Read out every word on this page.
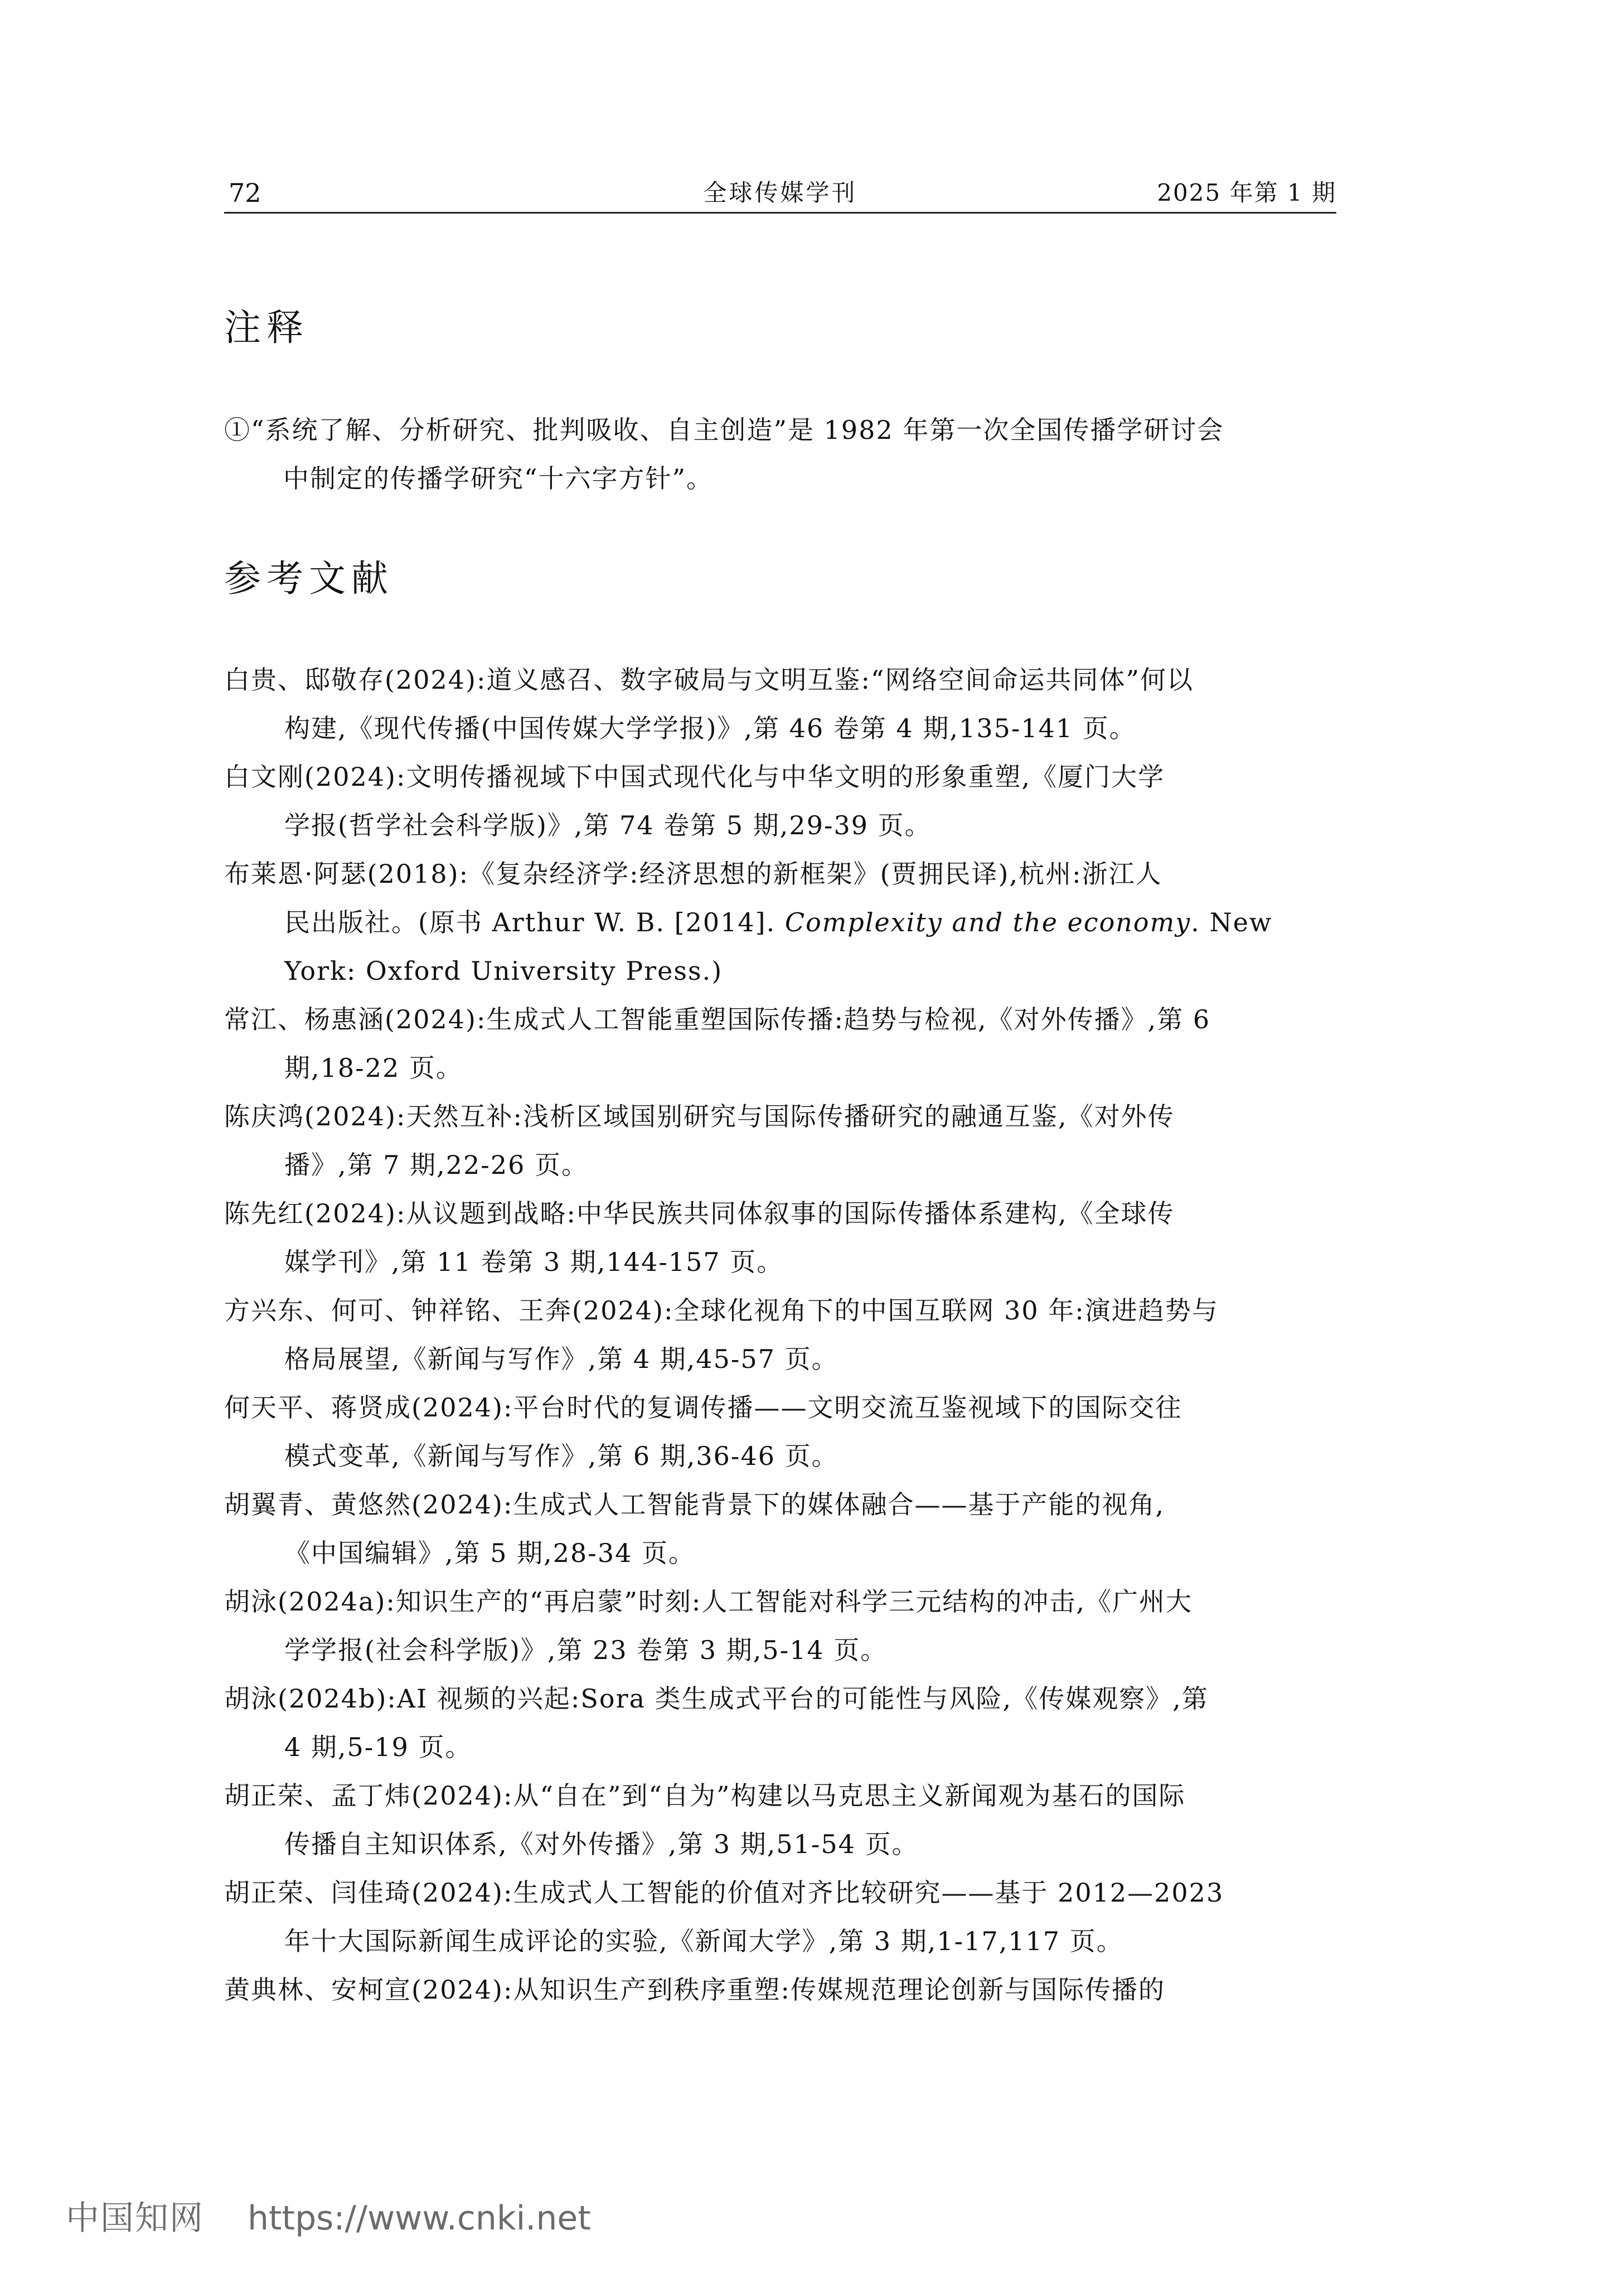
72	全球传媒学刊	2025 年第 1 期
注释
①“系统了解、分析研究、批判吸收、自主创造”是 1982 年第一次全国传播学研讨会
中制定的传播学研究“十六字方针”。
参考文献
白贵、邸敬存(2024):道义感召、数字破局与文明互鉴:“网络空间命运共同体”何以
构建,《现代传播(中国传媒大学学报)》,第 46 卷第 4 期,135-141 页。
白文刚(2024):文明传播视域下中国式现代化与中华文明的形象重塑,《厦门大学
学报(哲学社会科学版)》,第 74 卷第 5 期,29-39 页。
布莱恩·阿瑟(2018):《复杂经济学:经济思想的新框架》(贾拥民译),杭州:浙江人
民出版社。(原书 Arthur W. B. [2014]. Complexity and the economy. New
York: Oxford University Press.)
常江、杨惠涵(2024):生成式人工智能重塑国际传播:趋势与检视,《对外传播》,第 6
期,18-22 页。
陈庆鸿(2024):天然互补:浅析区域国别研究与国际传播研究的融通互鉴,《对外传
播》,第 7 期,22-26 页。
陈先红(2024):从议题到战略:中华民族共同体叙事的国际传播体系建构,《全球传
媒学刊》,第 11 卷第 3 期,144-157 页。
方兴东、何可、钟祥铭、王奔(2024):全球化视角下的中国互联网 30 年:演进趋势与
格局展望,《新闻与写作》,第 4 期,45-57 页。
何天平、蒋贤成(2024):平台时代的复调传播——文明交流互鉴视域下的国际交往
模式变革,《新闻与写作》,第 6 期,36-46 页。
胡翼青、黄悠然(2024):生成式人工智能背景下的媒体融合——基于产能的视角,
《中国编辑》,第 5 期,28-34 页。
胡泳(2024a):知识生产的“再启蒙”时刻:人工智能对科学三元结构的冲击,《广州大
学学报(社会科学版)》,第 23 卷第 3 期,5-14 页。
胡泳(2024b):AI 视频的兴起:Sora 类生成式平台的可能性与风险,《传媒观察》,第
4 期,5-19 页。
胡正荣、孟丁炜(2024):从“自在”到“自为”构建以马克思主义新闻观为基石的国际
传播自主知识体系,《对外传播》,第 3 期,51-54 页。
胡正荣、闫佳琦(2024):生成式人工智能的价值对齐比较研究——基于 2012—2023
年十大国际新闻生成评论的实验,《新闻大学》,第 3 期,1-17,117 页。
黄典林、安柯宣(2024):从知识生产到秩序重塑:传媒规范理论创新与国际传播的
中国知网 https://www.cnki.net
